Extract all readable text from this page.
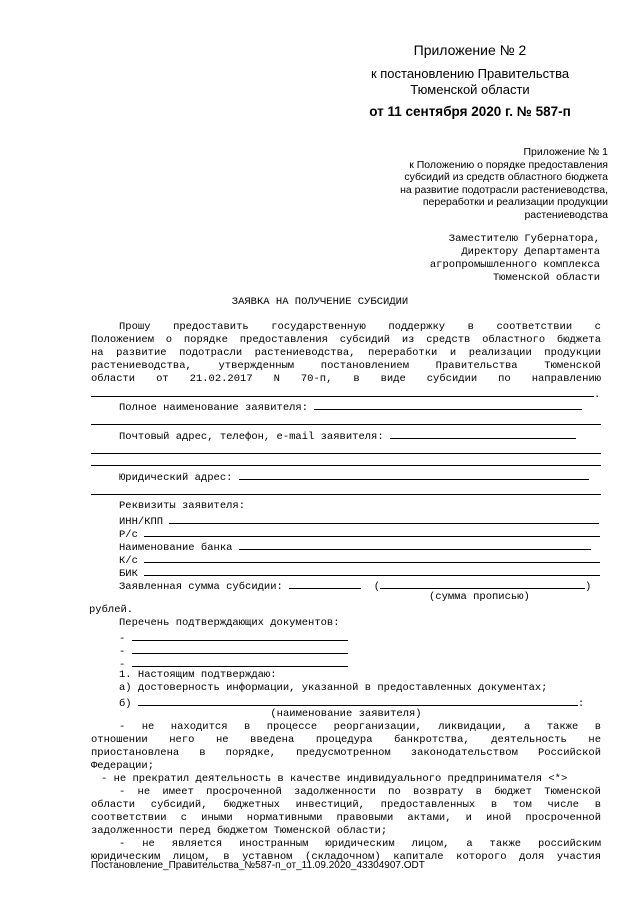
Приложение № 2
к постановлению Правительства
Тюменской области
от 11 сентября 2020 г. № 587-п
Приложение № 1
к Положению о порядке предоставления
субсидий из средств областного бюджета
на развитие подотрасли растениеводства,
переработки и реализации продукции
растениеводства
Заместителю Губернатора,
Директору Департамента
агропромышленного комплекса
Тюменской области
ЗАЯВКА НА ПОЛУЧЕНИЕ СУБСИДИИ
Прошу предоставить государственную поддержку в соответствии с
Положением о порядке предоставления субсидий из средств областного бюджета
на развитие подотрасли растениеводства, переработки и реализации продукции
растениеводства, утвержденным постановлением Правительства Тюменской
области от 21.02.2017 N 70-п, в виде субсидии по направлению
.
Полное наименование заявителя:
Почтовый адрес, телефон, e-mail заявителя:
Юридический адрес:
Реквизиты заявителя:
ИНН/КПП
Р/с
Наименование банка
К/с
БИК
Заявленная сумма субсидии:	(	)
(сумма прописью)
рублей.
Перечень подтверждающих документов:
-
-
-
1. Настоящим подтверждаю:
а) достоверность информации, указанной в предоставленных документах;
б)	:
(наименование заявителя)
- не находится в процессе реорганизации, ликвидации, а также в
отношении него не введена процедура банкротства, деятельность не
приостановлена в порядке, предусмотренном законодательством Российской
Федерации;
- не прекратил деятельность в качестве индивидуального предпринимателя <*>
- не имеет просроченной задолженности по возврату в бюджет Тюменской
области субсидий, бюджетных инвестиций, предоставленных в том числе в
соответствии с иными нормативными правовыми актами, и иной просроченной
задолженности перед бюджетом Тюменской области;
- не является иностранным юридическим лицом, а также российским
юридическим лицом, в уставном (складочном) капитале которого доля участия
Постановление_Правительства_№587-п_от_11.09.2020_43304907.ODT
